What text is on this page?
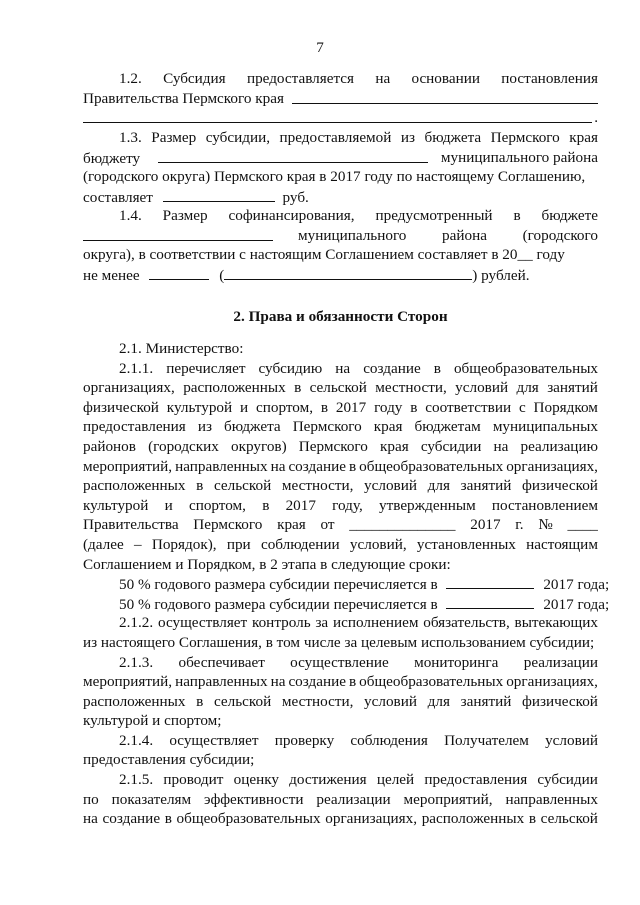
7
1.2. Субсидия предоставляется на основании постановления
Правительства Пермского края
.
1.3. Размер субсидии, предоставляемой из бюджета Пермского края
бюджету	муниципального района
(городского округа) Пермского края в 2017 году по настоящему Соглашению,
составляет	руб.
1.4. Размер софинансирования, предусмотренный в бюджете
муниципального района (городского
округа), в соответствии с настоящим Соглашением составляет в 20__ году
не менее	(	) рублей.
2. Права и обязанности Сторон
2.1. Министерство:
2.1.1. перечисляет субсидию на создание в общеобразовательных
организациях, расположенных в сельской местности, условий для занятий
физической культурой и спортом, в 2017 году в соответствии с Порядком
предоставления из бюджета Пермского края бюджетам муниципальных
районов (городских округов) Пермского края субсидии на реализацию
мероприятий, направленных на создание в общеобразовательных организациях,
расположенных в сельской местности, условий для занятий физической
культурой и спортом, в 2017 году, утвержденным постановлением
Правительства Пермского края от ______________ 2017 г. № ____
(далее – Порядок), при соблюдении условий, установленных настоящим
Соглашением и Порядком, в 2 этапа в следующие сроки:
50 % годового размера субсидии перечисляется в	2017 года;
50 % годового размера субсидии перечисляется в	2017 года;
2.1.2. осуществляет контроль за исполнением обязательств, вытекающих
из настоящего Соглашения, в том числе за целевым использованием субсидии;
2.1.3. обеспечивает осуществление мониторинга реализации
мероприятий, направленных на создание в общеобразовательных организациях,
расположенных в сельской местности, условий для занятий физической
культурой и спортом;
2.1.4. осуществляет проверку соблюдения Получателем условий
предоставления субсидии;
2.1.5. проводит оценку достижения целей предоставления субсидии
по показателям эффективности реализации мероприятий, направленных
на создание в общеобразовательных организациях, расположенных в сельской
